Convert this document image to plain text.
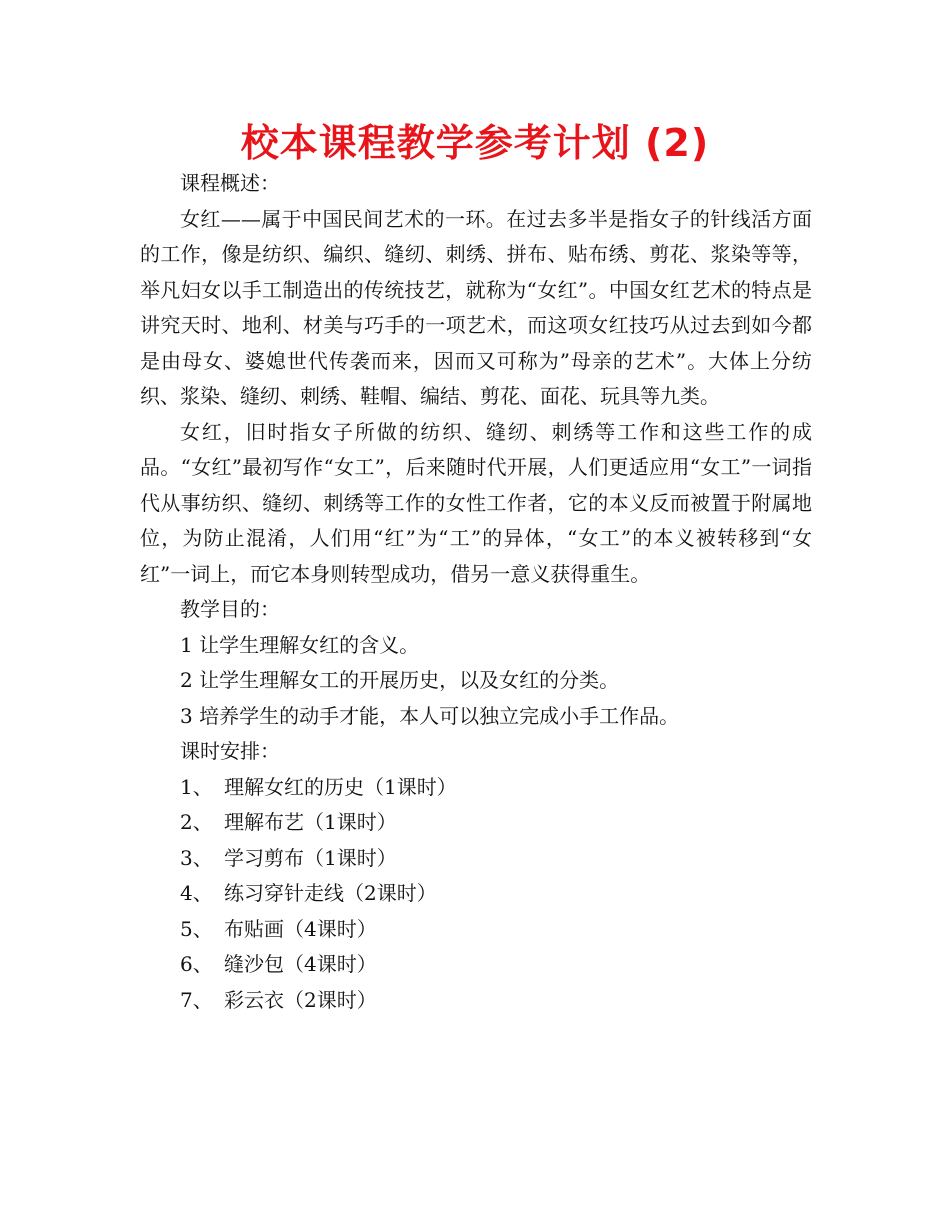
校本课程教学参考计划 (2)

课程概述：

女红——属于中国民间艺术的一环。在过去多半是指女子的针线活方面的工作，像是纺织、编织、缝纫、刺绣、拼布、贴布绣、剪花、浆染等等，举凡妇女以手工制造出的传统技艺，就称为“女红”。中国女红艺术的特点是讲究天时、地利、材美与巧手的一项艺术，而这项女红技巧从过去到如今都是由母女、婆媳世代传袭而来，因而又可称为”母亲的艺术”。大体上分纺织、浆染、缝纫、刺绣、鞋帽、编结、剪花、面花、玩具等九类。

女红，旧时指女子所做的纺织、缝纫、刺绣等工作和这些工作的成品。“女红”最初写作“女工”，后来随时代开展，人们更适应用“女工”一词指代从事纺织、缝纫、刺绣等工作的女性工作者，它的本义反而被置于附属地位，为防止混淆，人们用“红”为“工”的异体，“女工”的本义被转移到“女红”一词上，而它本身则转型成功，借另一意义获得重生。

教学目的：

1 让学生理解女红的含义。

2 让学生理解女工的开展历史，以及女红的分类。

3 培养学生的动手才能，本人可以独立完成小手工作品。

课时安排：

1、 理解女红的历史（1课时）
2、 理解布艺（1课时）
3、 学习剪布（1课时）
4、 练习穿针走线（2课时）
5、 布贴画（4课时）
6、 缝沙包（4课时）
7、 彩云衣（2课时）
